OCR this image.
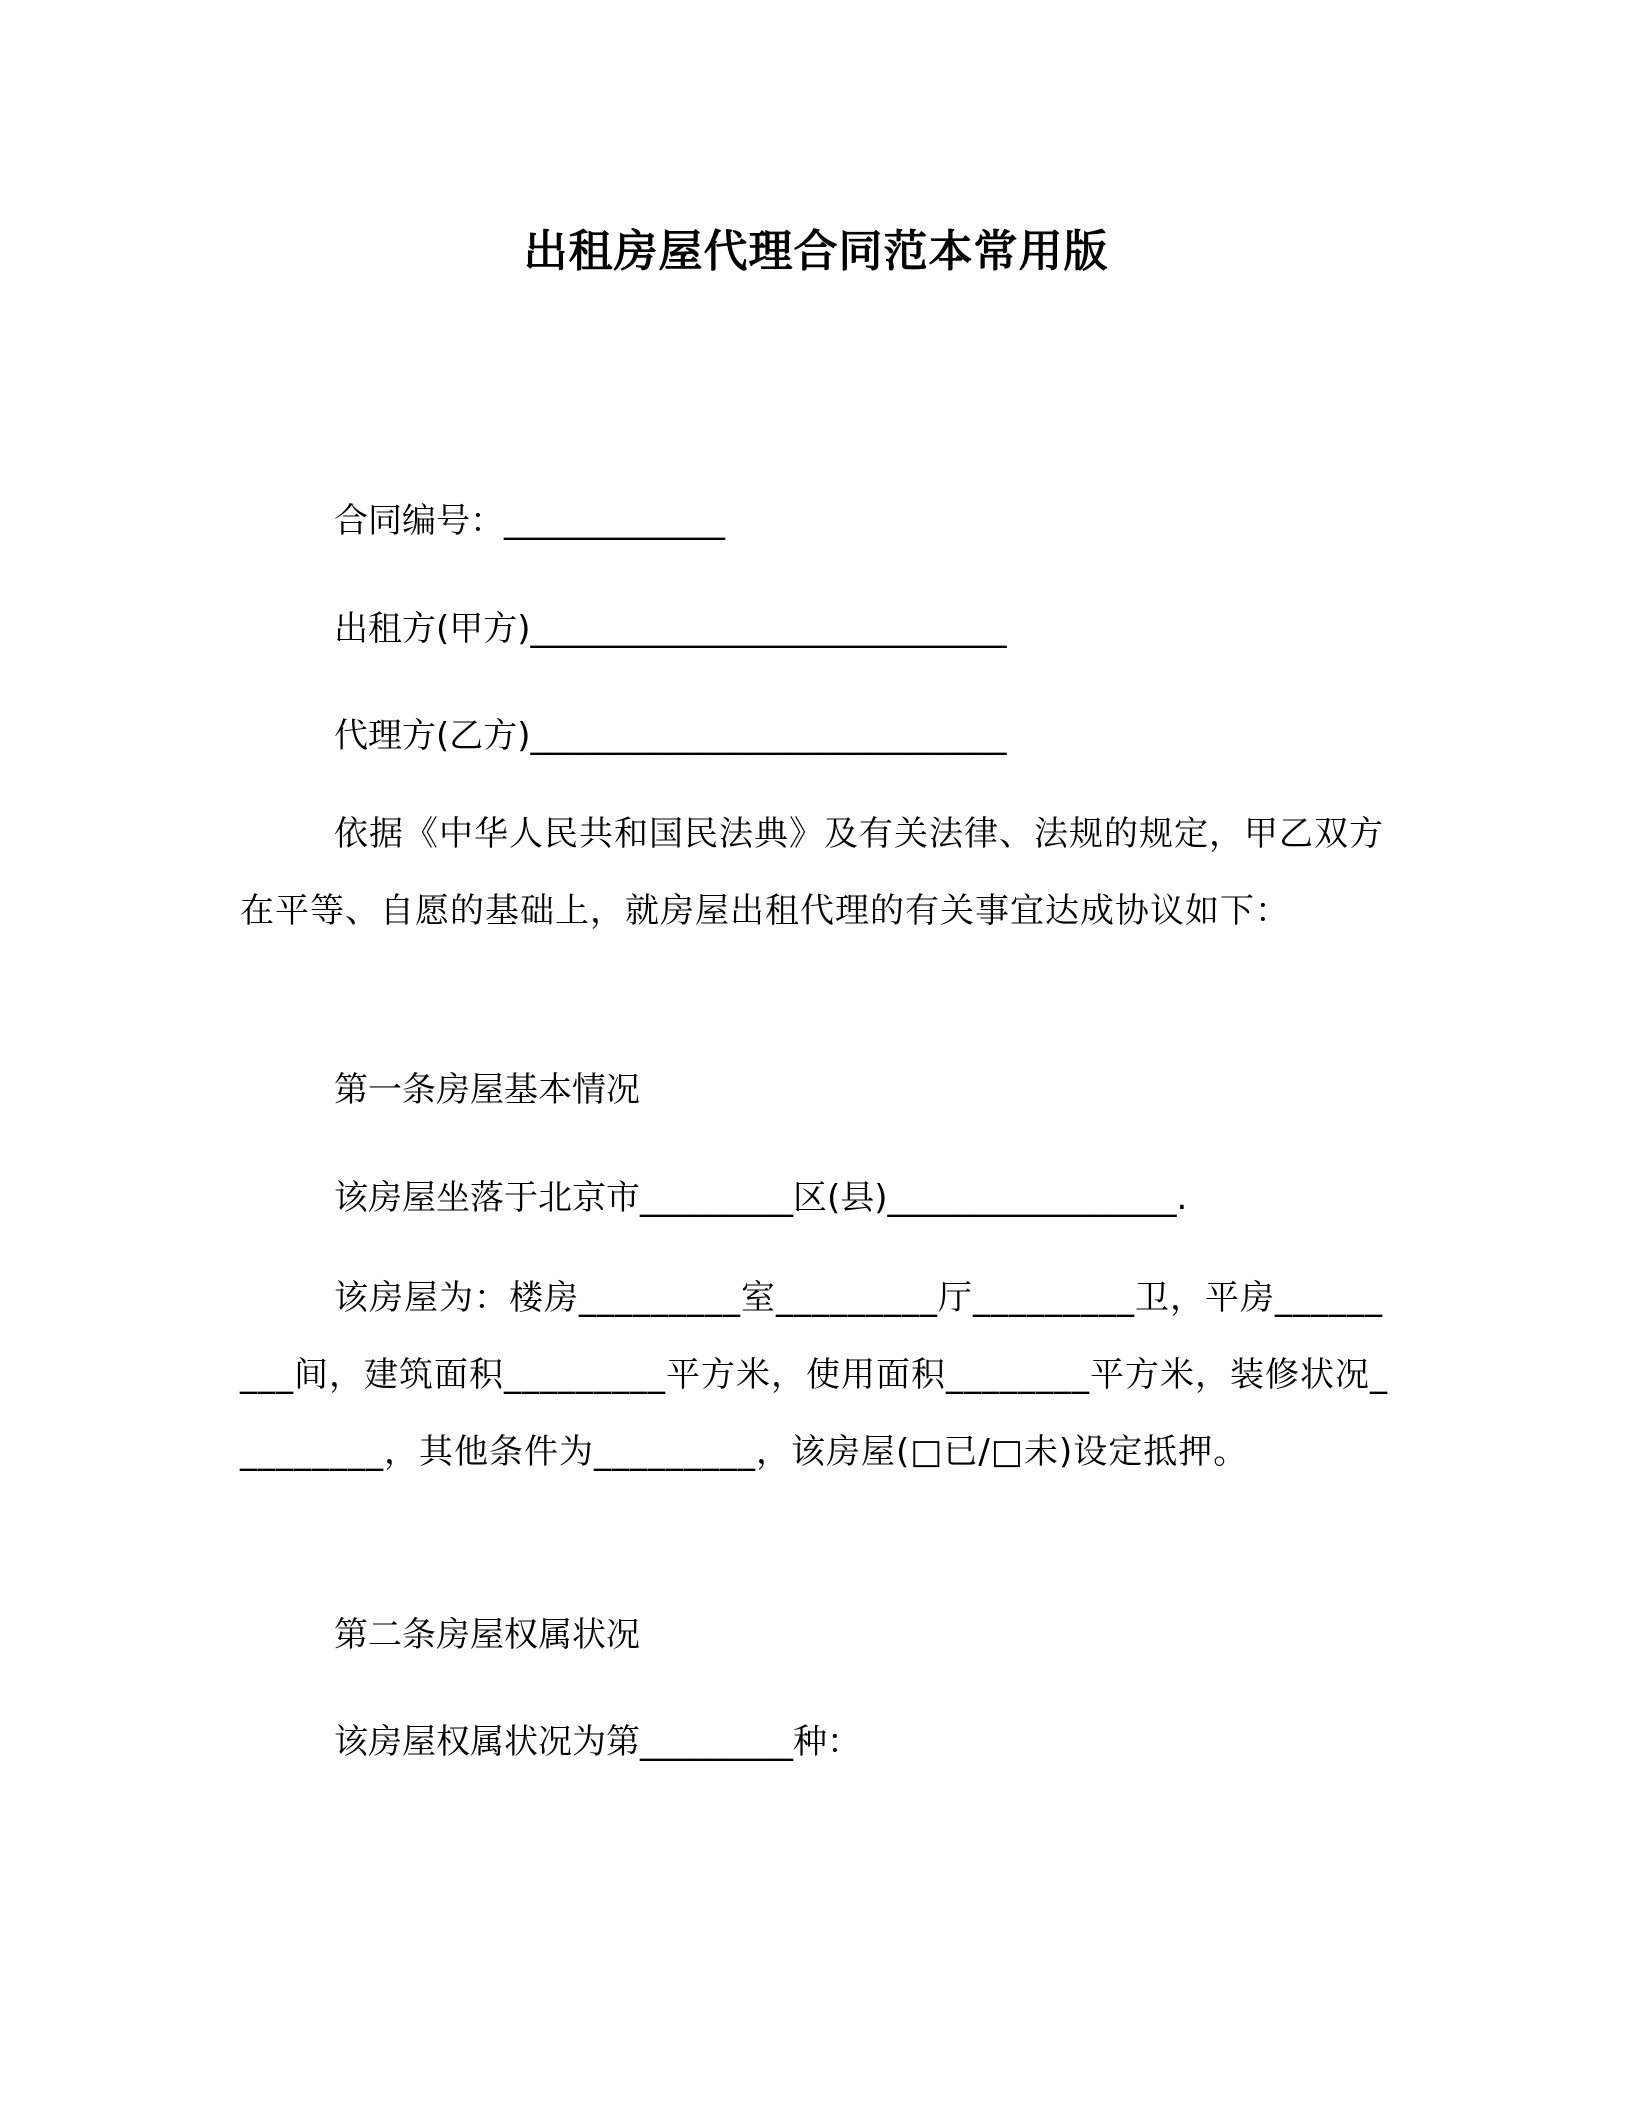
出租房屋代理合同范本常用版
合同编号：_____________
出租方(甲方)____________________________
代理方(乙方)____________________________
依据《中华人民共和国民法典》及有关法律、法规的规定，甲乙双方在平等、自愿的基础上，就房屋出租代理的有关事宜达成协议如下：
第一条房屋基本情况
该房屋坐落于北京市_________区(县)_________________.
该房屋为：楼房_________室_________厅_________卫，平房_________间，建筑面积_________平方米，使用面积________平方米，装修状况_________，其他条件为_________，该房屋(□已/□未)设定抵押。
第二条房屋权属状况
该房屋权属状况为第_________种：
